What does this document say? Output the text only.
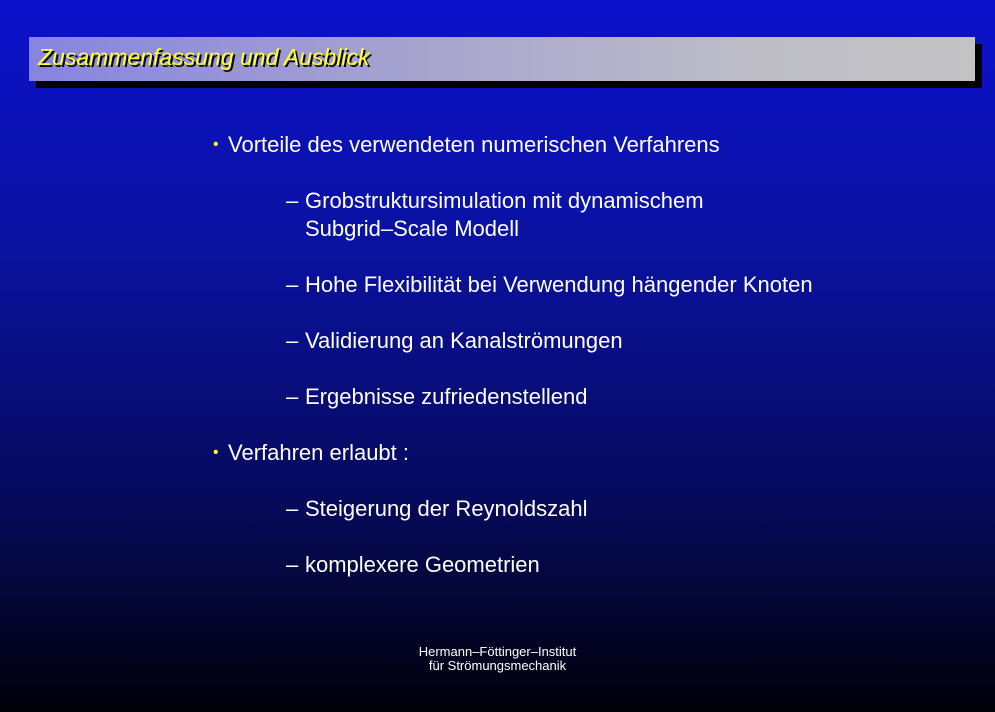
Zusammenfassung und Ausblick
• Vorteile des verwendeten numerischen Verfahrens
– Grobstruktursimulation mit dynamischem
Subgrid–Scale Modell
– Hohe Flexibilität bei Verwendung hängender Knoten
– Validierung an Kanalströmungen
– Ergebnisse zufriedenstellend
• Verfahren erlaubt :
– Steigerung der Reynoldszahl
– komplexere Geometrien
Hermann–Föttinger–Institut
für Strömungsmechanik
